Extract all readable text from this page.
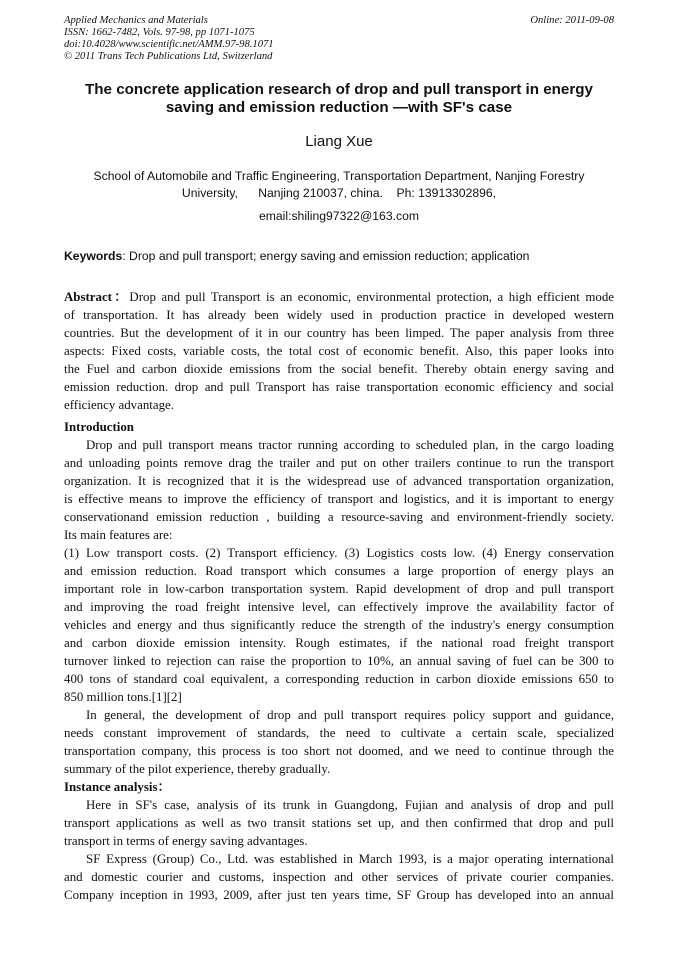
Applied Mechanics and Materials
ISSN: 1662-7482, Vols. 97-98, pp 1071-1075
doi:10.4028/www.scientific.net/AMM.97-98.1071
© 2011 Trans Tech Publications Ltd, Switzerland
Online: 2011-09-08
The concrete application research of drop and pull transport in energy
saving and emission reduction —with SF's case
Liang Xue
School of Automobile and Traffic Engineering, Transportation Department, Nanjing Forestry
University,      Nanjing 210037, china.    Ph: 13913302896,
email:shiling97322@163.com
Keywords: Drop and pull transport; energy saving and emission reduction; application
Abstract：Drop and pull Transport is an economic, environmental protection, a high efficient mode
of transportation. It has already been widely used in production practice in developed western
countries. But the development of it in our country has been limped. The paper analysis from three
aspects: Fixed costs, variable costs, the total cost of economic benefit. Also, this paper looks into
the Fuel and carbon dioxide emissions from the social benefit. Thereby obtain energy saving and
emission reduction. drop and pull Transport has raise transportation economic efficiency and social
efficiency advantage.
Introduction
Drop and pull transport means tractor running according to scheduled plan, in the cargo loading
and unloading points remove drag the trailer and put on other trailers continue to run the transport
organization. It is recognized that it is the widespread use of advanced transportation organization,
is effective means to improve the efficiency of transport and logistics, and it is important to energy
conservationand emission reduction , building a resource-saving and environment-friendly society.
Its main features are:
(1) Low transport costs. (2) Transport efficiency. (3) Logistics costs low. (4) Energy conservation
and emission reduction. Road transport which consumes a large proportion of energy plays an
important role in low-carbon transportation system. Rapid development of drop and pull transport
and improving the road freight intensive level, can effectively improve the availability factor of
vehicles and energy and thus significantly reduce the strength of the industry's energy consumption
and carbon dioxide emission intensity. Rough estimates, if the national road freight transport
turnover linked to rejection can raise the proportion to 10%, an annual saving of fuel can be 300 to
400 tons of standard coal equivalent, a corresponding reduction in carbon dioxide emissions 650 to
850 million tons.[1][2]
In general, the development of drop and pull transport requires policy support and guidance,
needs constant improvement of standards, the need to cultivate a certain scale, specialized
transportation company, this process is too short not doomed, and we need to continue through the
summary of the pilot experience, thereby gradually.
Instance analysis：
Here in SF's case, analysis of its trunk in Guangdong, Fujian and analysis of drop and pull
transport applications as well as two transit stations set up, and then confirmed that drop and pull
transport in terms of energy saving advantages.
SF Express (Group) Co., Ltd. was established in March 1993, is a major operating international
and domestic courier and customs, inspection and other services of private courier companies.
Company inception in 1993, 2009, after just ten years time, SF Group has developed into an annual
